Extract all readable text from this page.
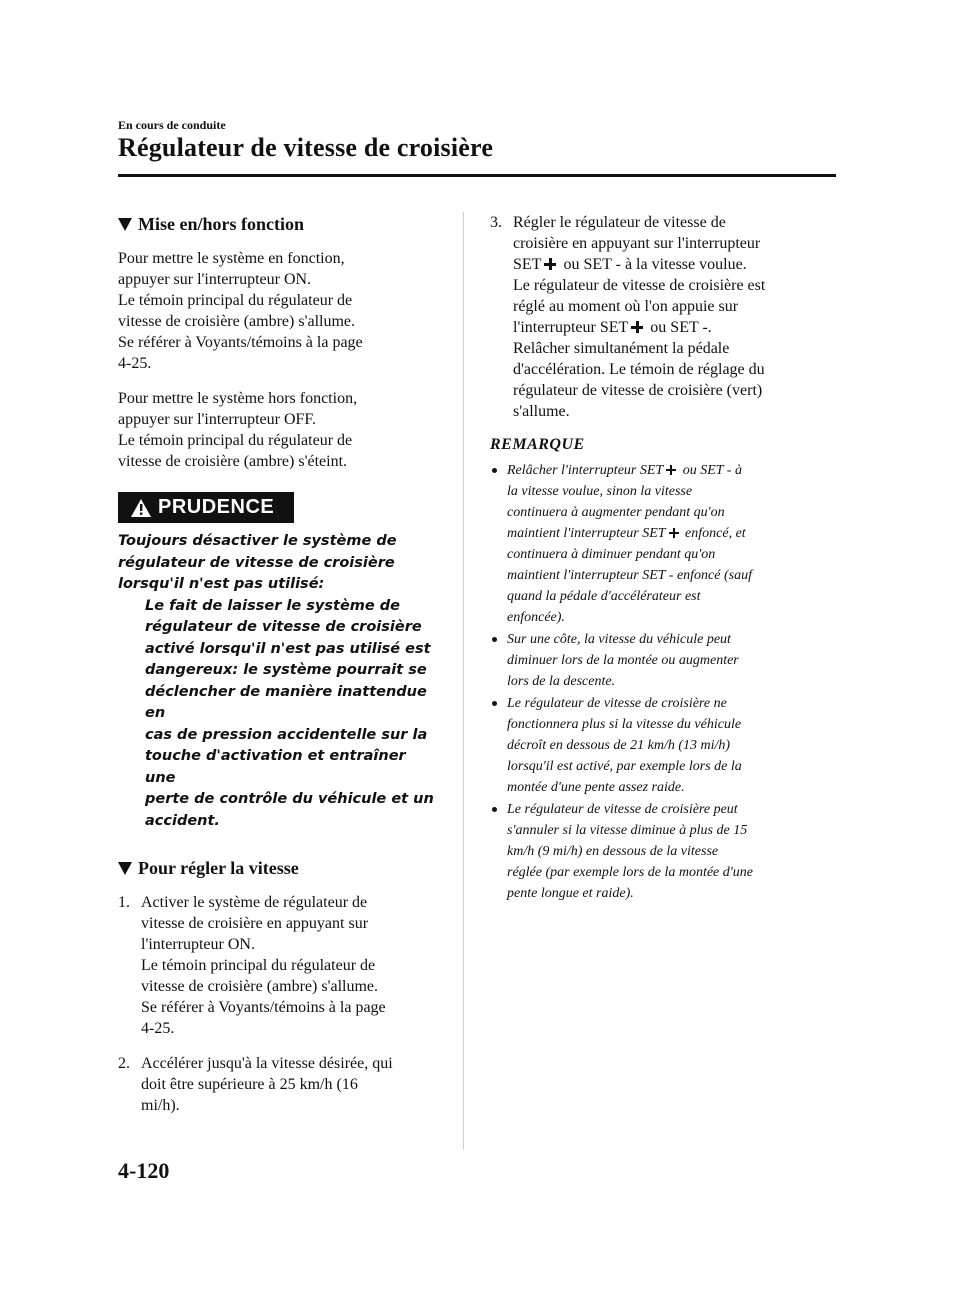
En cours de conduite
Régulateur de vitesse de croisière
Mise en/hors fonction
Pour mettre le système en fonction,
appuyer sur l'interrupteur ON.
Le témoin principal du régulateur de
vitesse de croisière (ambre) s'allume.
Se référer à Voyants/témoins à la page
4-25.
Pour mettre le système hors fonction,
appuyer sur l'interrupteur OFF.
Le témoin principal du régulateur de
vitesse de croisière (ambre) s'éteint.
PRUDENCE
Toujours désactiver le système de
régulateur de vitesse de croisière
lorsqu'il n'est pas utilisé:
Le fait de laisser le système de
régulateur de vitesse de croisière
activé lorsqu'il n'est pas utilisé est
dangereux: le système pourrait se
déclencher de manière inattendue en
cas de pression accidentelle sur la
touche d'activation et entraîner une
perte de contrôle du véhicule et un
accident.
Pour régler la vitesse
1. Activer le système de régulateur de
vitesse de croisière en appuyant sur
l'interrupteur ON.
Le témoin principal du régulateur de
vitesse de croisière (ambre) s'allume.
Se référer à Voyants/témoins à la page
4-25.
2. Accélérer jusqu'à la vitesse désirée, qui
doit être supérieure à 25 km/h (16
mi/h).
3. Régler le régulateur de vitesse de
croisière en appuyant sur l'interrupteur
SET ou SET - à la vitesse voulue.
Le régulateur de vitesse de croisière est
réglé au moment où l'on appuie sur
l'interrupteur SET ou SET -.
Relâcher simultanément la pédale
d'accélération. Le témoin de réglage du
régulateur de vitesse de croisière (vert)
s'allume.
REMARQUE
Relâcher l'interrupteur SET ou SET - à
la vitesse voulue, sinon la vitesse
continuera à augmenter pendant qu'on
maintient l'interrupteur SET enfoncé, et
continuera à diminuer pendant qu'on
maintient l'interrupteur SET - enfoncé (sauf
quand la pédale d'accélérateur est
enfoncée).
Sur une côte, la vitesse du véhicule peut
diminuer lors de la montée ou augmenter
lors de la descente.
Le régulateur de vitesse de croisière ne
fonctionnera plus si la vitesse du véhicule
décroît en dessous de 21 km/h (13 mi/h)
lorsqu'il est activé, par exemple lors de la
montée d'une pente assez raide.
Le régulateur de vitesse de croisière peut
s'annuler si la vitesse diminue à plus de 15
km/h (9 mi/h) en dessous de la vitesse
réglée (par exemple lors de la montée d'une
pente longue et raide).
4-120
